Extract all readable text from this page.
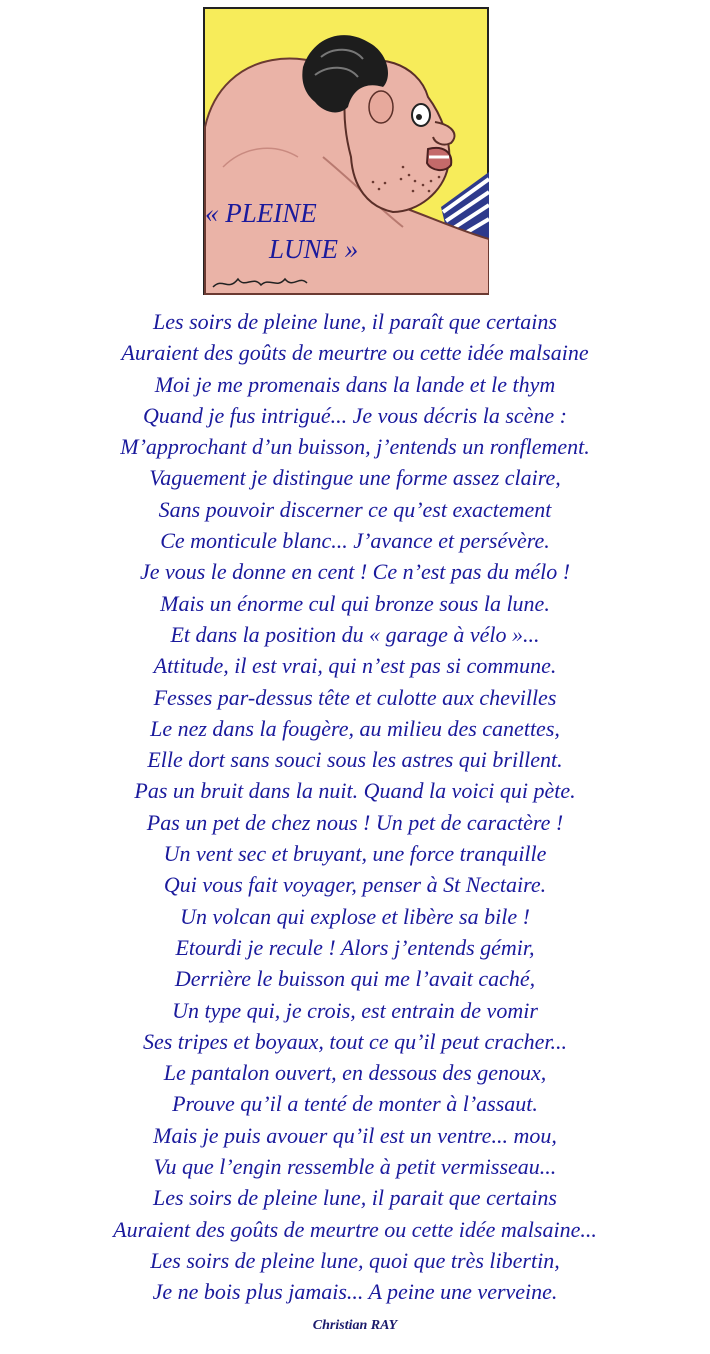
« PLEINE
LUNE »
Les soirs de pleine lune, il paraît que certains
Auraient des goûts de meurtre ou cette idée malsaine
Moi je me promenais dans la lande et le thym
Quand je fus intrigué... Je vous décris la scène :
M’approchant d’un buisson, j’entends un ronflement.
Vaguement je distingue une forme assez claire,
Sans pouvoir discerner ce qu’est exactement
Ce monticule blanc... J’avance et persévère.
Je vous le donne en cent ! Ce n’est pas du mélo !
Mais un énorme cul qui bronze sous la lune.
Et dans la position du « garage à vélo »...
Attitude, il est vrai, qui n’est pas si commune.
Fesses par-dessus tête et culotte aux chevilles
Le nez dans la fougère, au milieu des canettes,
Elle dort sans souci sous les astres qui brillent.
Pas un bruit dans la nuit. Quand la voici qui pète.
Pas un pet de chez nous ! Un pet de caractère !
Un vent sec et bruyant, une force tranquille
Qui vous fait voyager, penser à St Nectaire.
Un volcan qui explose et libère sa bile !
Etourdi je recule ! Alors j’entends gémir,
Derrière le buisson qui me l’avait caché,
Un type qui, je crois, est entrain de vomir
Ses tripes et boyaux, tout ce qu’il peut cracher...
Le pantalon ouvert, en dessous des genoux,
Prouve qu’il a tenté de monter à l’assaut.
Mais je puis avouer qu’il est un ventre... mou,
Vu que l’engin ressemble à petit vermisseau...
Les soirs de pleine lune, il parait que certains
Auraient des goûts de meurtre ou cette idée malsaine...
Les soirs de pleine lune, quoi que très libertin,
Je ne bois plus jamais... A peine une verveine.
Christian RAY
